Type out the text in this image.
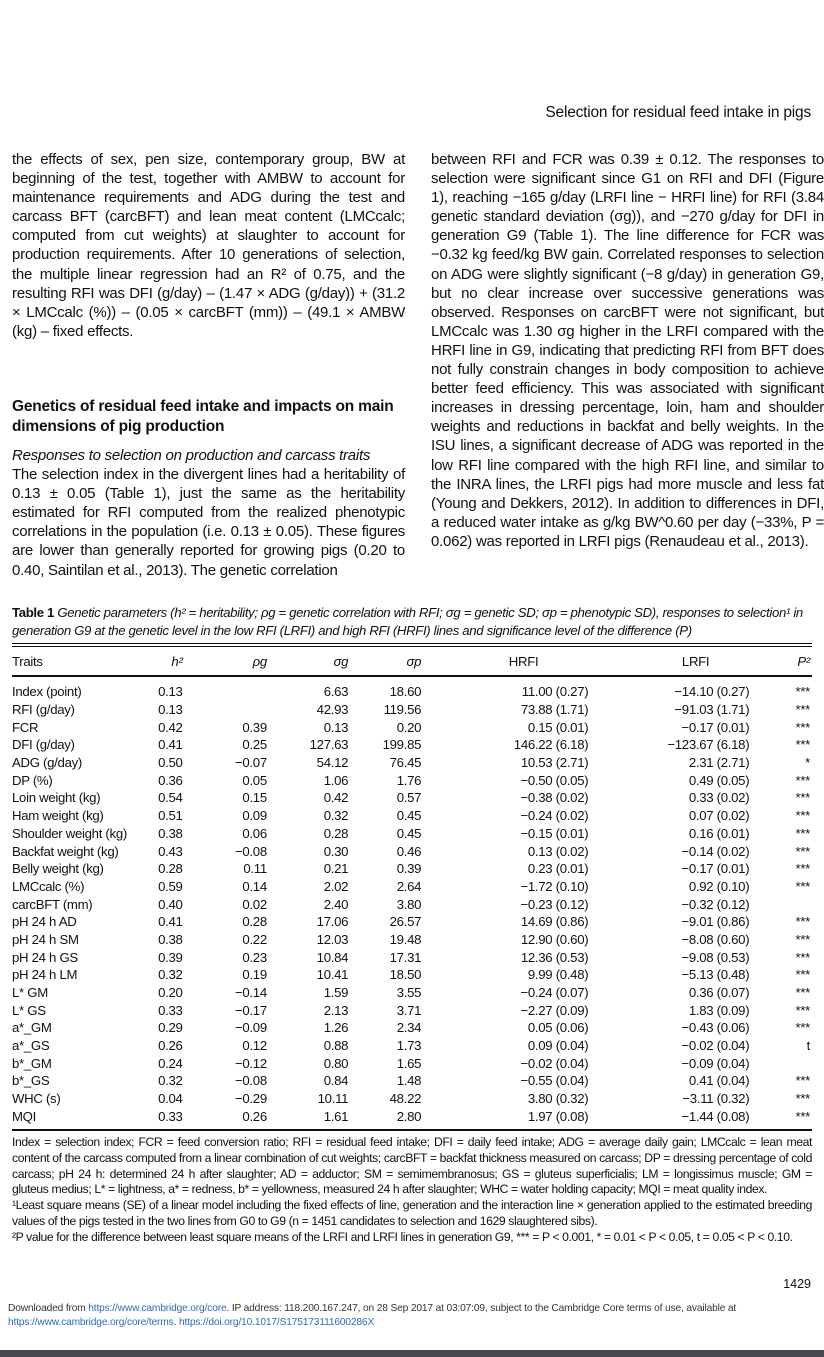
Selection for residual feed intake in pigs

the effects of sex, pen size, contemporary group, BW at beginning of the test, together with AMBW to account for maintenance requirements and ADG during the test and carcass BFT (carcBFT) and lean meat content (LMCcalc; computed from cut weights) at slaughter to account for production requirements. After 10 generations of selection, the multiple linear regression had an R² of 0.75, and the resulting RFI was DFI (g/day) – (1.47 × ADG (g/day)) + (31.2 × LMCcalc (%)) – (0.05 × carcBFT (mm)) – (49.1 × AMBW (kg) – fixed effects.

Genetics of residual feed intake and impacts on main dimensions of pig production

Responses to selection on production and carcass traits

The selection index in the divergent lines had a heritability of 0.13 ± 0.05 (Table 1), just the same as the heritability estimated for RFI computed from the realized phenotypic correlations in the population (i.e. 0.13 ± 0.05). These figures are lower than generally reported for growing pigs (0.20 to 0.40, Saintilan et al., 2013). The genetic correlation

between RFI and FCR was 0.39 ± 0.12. The responses to selection were significant since G1 on RFI and DFI (Figure 1), reaching −165 g/day (LRFI line − HRFI line) for RFI (3.84 genetic standard deviation (σg)), and −270 g/day for DFI in generation G9 (Table 1). The line difference for FCR was −0.32 kg feed/kg BW gain. Correlated responses to selection on ADG were slightly significant (−8 g/day) in generation G9, but no clear increase over successive generations was observed. Responses on carcBFT were not significant, but LMCcalc was 1.30 σg higher in the LRFI compared with the HRFI line in G9, indicating that predicting RFI from BFT does not fully constrain changes in body composition to achieve better feed efficiency. This was associated with significant increases in dressing percentage, loin, ham and shoulder weights and reductions in backfat and belly weights. In the ISU lines, a significant decrease of ADG was reported in the low RFI line compared with the high RFI line, and similar to the INRA lines, the LRFI pigs had more muscle and less fat (Young and Dekkers, 2012). In addition to differences in DFI, a reduced water intake as g/kg BW^0.60 per day (−33%, P = 0.062) was reported in LRFI pigs (Renaudeau et al., 2013).

Table 1 Genetic parameters (h² = heritability; ρg = genetic correlation with RFI; σg = genetic SD; σp = phenotypic SD), responses to selection¹ in generation G9 at the genetic level in the low RFI (LRFI) and high RFI (HRFI) lines and significance level of the difference (P)
Traits	h²	ρg	σg	σp	HRFI	LRFI	P²

Index (point)	0.13		6.63	18.60	11.00 (0.27)	−14.10 (0.27)	***
RFI (g/day)	0.13		42.93	119.56	73.88 (1.71)	−91.03 (1.71)	***
FCR	0.42	0.39	0.13	0.20	0.15 (0.01)	−0.17 (0.01)	***
DFI (g/day)	0.41	0.25	127.63	199.85	146.22 (6.18)	−123.67 (6.18)	***
ADG (g/day)	0.50	−0.07	54.12	76.45	10.53 (2.71)	2.31 (2.71)	*
DP (%)	0.36	0.05	1.06	1.76	−0.50 (0.05)	0.49 (0.05)	***
Loin weight (kg)	0.54	0.15	0.42	0.57	−0.38 (0.02)	0.33 (0.02)	***
Ham weight (kg)	0.51	0.09	0.32	0.45	−0.24 (0.02)	0.07 (0.02)	***
Shoulder weight (kg)	0.38	0.06	0.28	0.45	−0.15 (0.01)	0.16 (0.01)	***
Backfat weight (kg)	0.43	−0.08	0.30	0.46	0.13 (0.02)	−0.14 (0.02)	***
Belly weight (kg)	0.28	0.11	0.21	0.39	0.23 (0.01)	−0.17 (0.01)	***
LMCcalc (%)	0.59	0.14	2.02	2.64	−1.72 (0.10)	0.92 (0.10)	***
carcBFT (mm)	0.40	0.02	2.40	3.80	−0.23 (0.12)	−0.32 (0.12)	
pH 24 h AD	0.41	0.28	17.06	26.57	14.69 (0.86)	−9.01 (0.86)	***
pH 24 h SM	0.38	0.22	12.03	19.48	12.90 (0.60)	−8.08 (0.60)	***
pH 24 h GS	0.39	0.23	10.84	17.31	12.36 (0.53)	−9.08 (0.53)	***
pH 24 h LM	0.32	0.19	10.41	18.50	9.99 (0.48)	−5.13 (0.48)	***
L* GM	0.20	−0.14	1.59	3.55	−0.24 (0.07)	0.36 (0.07)	***
L* GS	0.33	−0.17	2.13	3.71	−2.27 (0.09)	1.83 (0.09)	***
a*_GM	0.29	−0.09	1.26	2.34	0.05 (0.06)	−0.43 (0.06)	***
a*_GS	0.26	0.12	0.88	1.73	0.09 (0.04)	−0.02 (0.04)	t
b*_GM	0.24	−0.12	0.80	1.65	−0.02 (0.04)	−0.09 (0.04)	
b*_GS	0.32	−0.08	0.84	1.48	−0.55 (0.04)	0.41 (0.04)	***
WHC (s)	0.04	−0.29	10.11	48.22	3.80 (0.32)	−3.11 (0.32)	***
MQI	0.33	0.26	1.61	2.80	1.97 (0.08)	−1.44 (0.08)	***

Index = selection index; FCR = feed conversion ratio; RFI = residual feed intake; DFI = daily feed intake; ADG = average daily gain; LMCcalc = lean meat content of the carcass computed from a linear combination of cut weights; carcBFT = backfat thickness measured on carcass; DP = dressing percentage of cold carcass; pH 24 h: determined 24 h after slaughter; AD = adductor; SM = semimembranosus; GS = gluteus superficialis; LM = longissimus muscle; GM = gluteus medius; L* = lightness, a* = redness, b* = yellowness, measured 24 h after slaughter; WHC = water holding capacity; MQI = meat quality index.

¹Least square means (SE) of a linear model including the fixed effects of line, generation and the interaction line × generation applied to the estimated breeding values of the pigs tested in the two lines from G0 to G9 (n = 1451 candidates to selection and 1629 slaughtered sibs).

²P value for the difference between least square means of the LRFI and LRFI lines in generation G9, *** = P < 0.001, * = 0.01 < P < 0.05, t = 0.05 < P < 0.10.

1429
Downloaded from https://www.cambridge.org/core. IP address: 118.200.167.247, on 28 Sep 2017 at 03:07:09, subject to the Cambridge Core terms of use, available at
https://www.cambridge.org/core/terms. https://doi.org/10.1017/S175173111600286X
